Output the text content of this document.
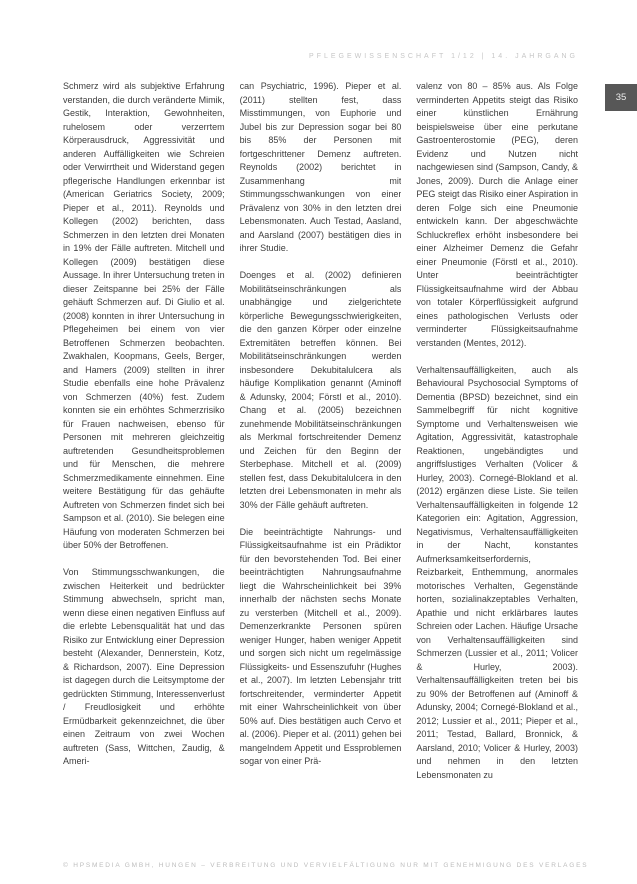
PFLEGEWISSENSCHAFT 1/12 | 14. JAHRGANG
35

Schmerz wird als subjektive Erfahrung verstanden, die durch veränderte Mimik, Gestik, Interaktion, Gewohnheiten, ruhelosem oder verzerrtem Körperausdruck, Aggressivität und anderen Auffälligkeiten wie Schreien oder Verwirrtheit und Widerstand gegen pflegerische Handlungen erkennbar ist (American Geriatrics Society, 2009; Pieper et al., 2011). Reynolds und Kollegen (2002) berichten, dass Schmerzen in den letzten drei Monaten in 19% der Fälle auftreten. Mitchell und Kollegen (2009) bestätigen diese Aussage. In ihrer Untersuchung treten in dieser Zeitspanne bei 25% der Fälle gehäuft Schmerzen auf. Di Giulio et al. (2008) konnten in ihrer Untersuchung in Pflegeheimen bei einem von vier Betroffenen Schmerzen beobachten. Zwakhalen, Koopmans, Geels, Berger, and Hamers (2009) stellten in ihrer Studie ebenfalls eine hohe Prävalenz von Schmerzen (40%) fest. Zudem konnten sie ein erhöhtes Schmerzrisiko für Frauen nachweisen, ebenso für Personen mit mehreren gleichzeitig auftretenden Gesundheitsproblemen und für Menschen, die mehrere Schmerzmedikamente einnehmen. Eine weitere Bestätigung für das gehäufte Auftreten von Schmerzen findet sich bei Sampson et al. (2010). Sie belegen eine Häufung von moderaten Schmerzen bei über 50% der Betroffenen.

Von Stimmungsschwankungen, die zwischen Heiterkeit und bedrückter Stimmung abwechseln, spricht man, wenn diese einen negativen Einfluss auf die erlebte Lebensqualität hat und das Risiko zur Entwicklung einer Depression besteht (Alexander, Dennerstein, Kotz, & Richardson, 2007). Eine Depression ist dagegen durch die Leitsymptome der gedrückten Stimmung, Interessenverlust / Freudlosigkeit und erhöhte Ermüdbarkeit gekennzeichnet, die über einen Zeitraum von zwei Wochen auftreten (Sass, Wittchen, Zaudig, & Ameri-

can Psychiatric, 1996). Pieper et al. (2011) stellten fest, dass Misstimmungen, von Euphorie und Jubel bis zur Depression sogar bei 80 bis 85% der Personen mit fortgeschrittener Demenz auftreten. Reynolds (2002) berichtet in Zusammenhang mit Stimmungsschwankungen von einer Prävalenz von 30% in den letzten drei Lebensmonaten. Auch Testad, Aasland, and Aarsland (2007) bestätigen dies in ihrer Studie.

Doenges et al. (2002) definieren Mobilitätseinschränkungen als unabhängige und zielgerichtete körperliche Bewegungsschwierigkeiten, die den ganzen Körper oder einzelne Extremitäten betreffen können. Bei Mobilitätseinschränkungen werden insbesondere Dekubitalulcera als häufige Komplikation genannt (Aminoff & Adunsky, 2004; Förstl et al., 2010). Chang et al. (2005) bezeichnen zunehmende Mobilitätseinschränkungen als Merkmal fortschreitender Demenz und Zeichen für den Beginn der Sterbephase. Mitchell et al. (2009) stellen fest, dass Dekubitalulcera in den letzten drei Lebensmonaten in mehr als 30% der Fälle gehäuft auftreten.

Die beeinträchtigte Nahrungs- und Flüssigkeitsaufnahme ist ein Prädiktor für den bevorstehenden Tod. Bei einer beeinträchtigten Nahrungsaufnahme liegt die Wahrscheinlichkeit bei 39% innerhalb der nächsten sechs Monate zu versterben (Mitchell et al., 2009). Demenzerkrankte Personen spüren weniger Hunger, haben weniger Appetit und sorgen sich nicht um regelmässige Flüssigkeits- und Essenszufuhr (Hughes et al., 2007). Im letzten Lebensjahr tritt fortschreitender, verminderter Appetit mit einer Wahrscheinlichkeit von über 50% auf. Dies bestätigen auch Cervo et al. (2006). Pieper et al. (2011) gehen bei mangelndem Appetit und Essproblemen sogar von einer Prä-

valenz von 80 – 85% aus. Als Folge verminderten Appetits steigt das Risiko einer künstlichen Ernährung beispielsweise über eine perkutane Gastroenterostomie (PEG), deren Evidenz und Nutzen nicht nachgewiesen sind (Sampson, Candy, & Jones, 2009). Durch die Anlage einer PEG steigt das Risiko einer Aspiration in deren Folge sich eine Pneumonie entwickeln kann. Der abgeschwächte Schluckreflex erhöht insbesondere bei einer Alzheimer Demenz die Gefahr einer Pneumonie (Förstl et al., 2010). Unter beeinträchtigter Flüssigkeitsaufnahme wird der Abbau von totaler Körperflüssigkeit aufgrund eines pathologischen Verlusts oder verminderter Flüssigkeitsaufnahme verstanden (Mentes, 2012).

Verhaltensauffälligkeiten, auch als Behavioural Psychosocial Symptoms of Dementia (BPSD) bezeichnet, sind ein Sammelbegriff für nicht kognitive Symptome und Verhaltensweisen wie Agitation, Aggressivität, katastrophale Reaktionen, ungebändigtes und angriffslustiges Verhalten (Volicer & Hurley, 2003). Cornegé-Blokland et al. (2012) ergänzen diese Liste. Sie teilen Verhaltensauffälligkeiten in folgende 12 Kategorien ein: Agitation, Aggression, Negativismus, Verhaltensauffälligkeiten in der Nacht, konstantes Aufmerksamkeitserfordernis, Reizbarkeit, Enthemmung, anormales motorisches Verhalten, Gegenstände horten, sozialinakzeptables Verhalten, Apathie und nicht erklärbares lautes Schreien oder Lachen. Häufige Ursache von Verhaltensauffälligkeiten sind Schmerzen (Lussier et al., 2011; Volicer & Hurley, 2003). Verhaltensauffälligkeiten treten bei bis zu 90% der Betroffenen auf (Aminoff & Adunsky, 2004; Cornegé-Blokland et al., 2012; Lussier et al., 2011; Pieper et al., 2011; Testad, Ballard, Bronnick, & Aarsland, 2010; Volicer & Hurley, 2003) und nehmen in den letzten Lebensmonaten zu

© HPSMEDIA GMBH, HUNGEN – VERBREITUNG UND VERVIELFÄLTIGUNG NUR MIT GENEHMIGUNG DES VERLAGES
